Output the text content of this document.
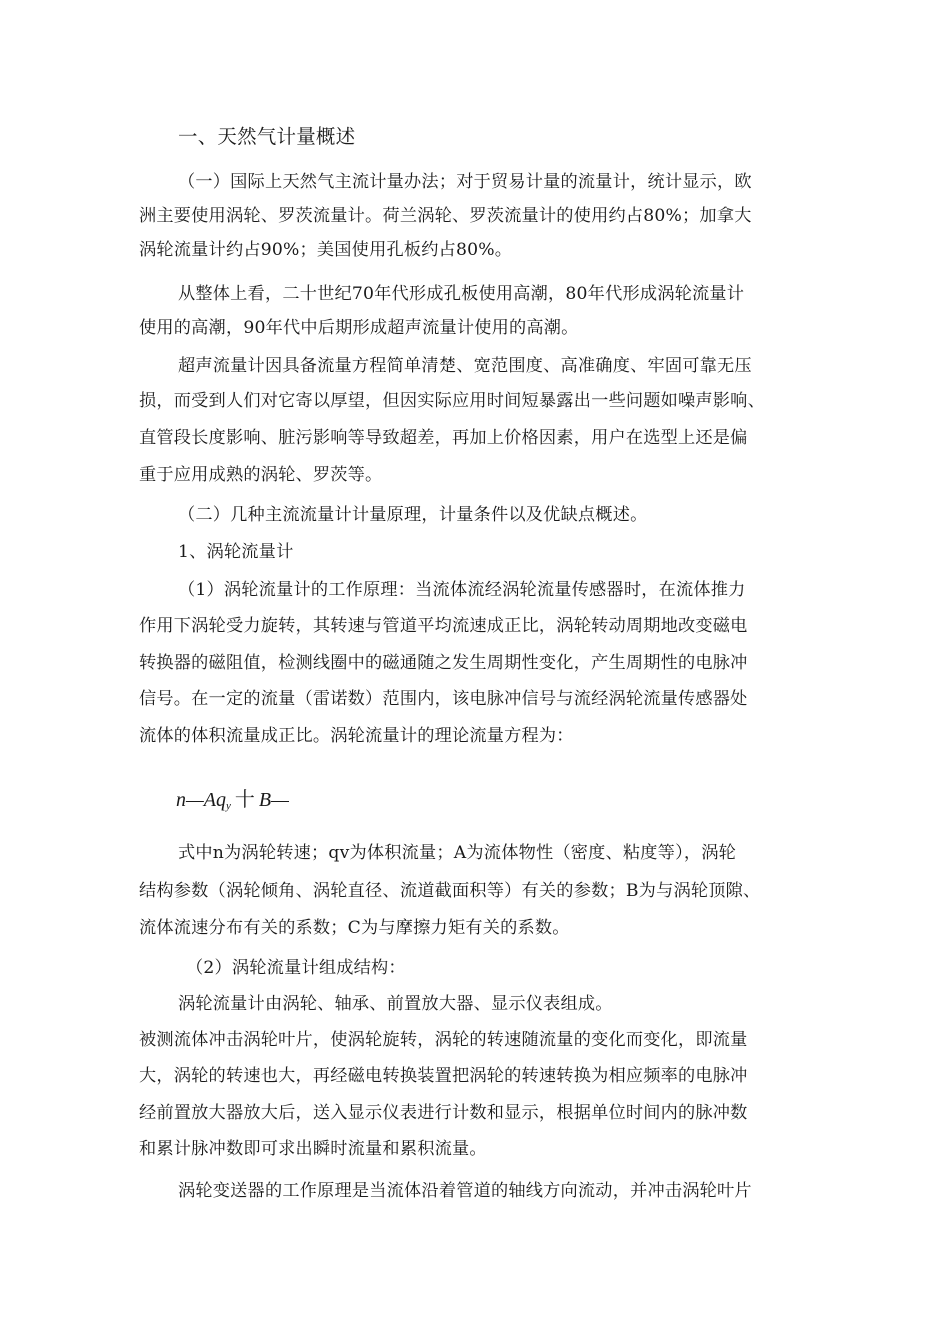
一、天然气计量概述
（一）国际上天然气主流计量办法；对于贸易计量的流量计，统计显示，欧
洲主要使用涡轮、罗茨流量计。荷兰涡轮、罗茨流量计的使用约占80%；加拿大
涡轮流量计约占90%；美国使用孔板约占80%。
从整体上看，二十世纪70年代形成孔板使用高潮，80年代形成涡轮流量计
使用的高潮，90年代中后期形成超声流量计使用的高潮。
超声流量计因具备流量方程简单清楚、宽范围度、高准确度、牢固可靠无压
损，而受到人们对它寄以厚望，但因实际应用时间短暴露出一些问题如噪声影响、
直管段长度影响、脏污影响等导致超差，再加上价格因素，用户在选型上还是偏
重于应用成熟的涡轮、罗茨等。
（二）几种主流流量计计量原理，计量条件以及优缺点概述。
1、涡轮流量计
（1）涡轮流量计的工作原理：当流体流经涡轮流量传感器时，在流体推力
作用下涡轮受力旋转，其转速与管道平均流速成正比，涡轮转动周期地改变磁电
转换器的磁阻值，检测线圈中的磁通随之发生周期性变化，产生周期性的电脉冲
信号。在一定的流量（雷诺数）范围内，该电脉冲信号与流经涡轮流量传感器处
流体的体积流量成正比。涡轮流量计的理论流量方程为：
$n—Aq_y$ 十 B—
式中n为涡轮转速；qv为体积流量；A为流体物性（密度、粘度等），涡轮
结构参数（涡轮倾角、涡轮直径、流道截面积等）有关的参数；B为与涡轮顶隙、
流体流速分布有关的系数；C为与摩擦力矩有关的系数。
（2）涡轮流量计组成结构：
涡轮流量计由涡轮、轴承、前置放大器、显示仪表组成。
被测流体冲击涡轮叶片，使涡轮旋转，涡轮的转速随流量的变化而变化，即流量
大，涡轮的转速也大，再经磁电转换装置把涡轮的转速转换为相应频率的电脉冲
经前置放大器放大后，送入显示仪表进行计数和显示，根据单位时间内的脉冲数
和累计脉冲数即可求出瞬时流量和累积流量。
涡轮变送器的工作原理是当流体沿着管道的轴线方向流动，并冲击涡轮叶片
